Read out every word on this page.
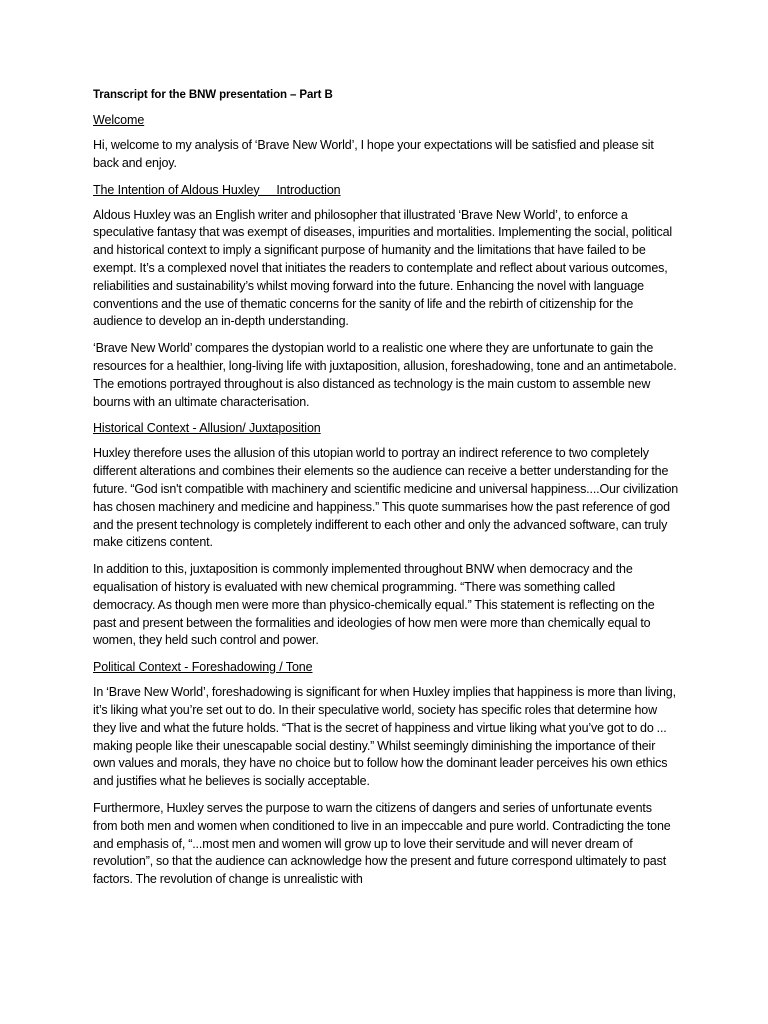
Transcript for the BNW presentation – Part B
Welcome

Hi, welcome to my analysis of ‘Brave New World’, I hope your expectations will be satisfied and please sit back and enjoy.

The Intention of Aldous Huxley     Introduction

Aldous Huxley was an English writer and philosopher that illustrated ‘Brave New World’, to enforce a speculative fantasy that was exempt of diseases, impurities and mortalities. Implementing the social, political and historical context to imply a significant purpose of humanity and the limitations that have failed to be exempt. It’s a complexed novel that initiates the readers to contemplate and reflect about various outcomes, reliabilities and sustainability’s whilst moving forward into the future. Enhancing the novel with language conventions and the use of thematic concerns for the sanity of life and the rebirth of citizenship for the audience to develop an in-depth understanding.

‘Brave New World’ compares the dystopian world to a realistic one where they are unfortunate to gain the resources for a healthier, long-living life with juxtaposition, allusion, foreshadowing, tone and an antimetabole. The emotions portrayed throughout is also distanced as technology is the main custom to assemble new bourns with an ultimate characterisation.

Historical Context - Allusion/ Juxtaposition

Huxley therefore uses the allusion of this utopian world to portray an indirect reference to two completely different alterations and combines their elements so the audience can receive a better understanding for the future. “God isn't compatible with machinery and scientific medicine and universal happiness....Our civilization has chosen machinery and medicine and happiness.” This quote summarises how the past reference of god and the present technology is completely indifferent to each other and only the advanced software, can truly make citizens content.

In addition to this, juxtaposition is commonly implemented throughout BNW when democracy and the equalisation of history is evaluated with new chemical programming. “There was something called democracy. As though men were more than physico-chemically equal.” This statement is reflecting on the past and present between the formalities and ideologies of how men were more than chemically equal to women, they held such control and power.

Political Context - Foreshadowing / Tone

In ‘Brave New World’, foreshadowing is significant for when Huxley implies that happiness is more than living, it’s liking what you’re set out to do. In their speculative world, society has specific roles that determine how they live and what the future holds. “That is the secret of happiness and virtue liking what you’ve got to do ... making people like their unescapable social destiny.” Whilst seemingly diminishing the importance of their own values and morals, they have no choice but to follow how the dominant leader perceives his own ethics and justifies what he believes is socially acceptable.

Furthermore, Huxley serves the purpose to warn the citizens of dangers and series of unfortunate events from both men and women when conditioned to live in an impeccable and pure world. Contradicting the tone and emphasis of, “...most men and women will grow up to love their servitude and will never dream of revolution”, so that the audience can acknowledge how the present and future correspond ultimately to past factors. The revolution of change is unrealistic with
